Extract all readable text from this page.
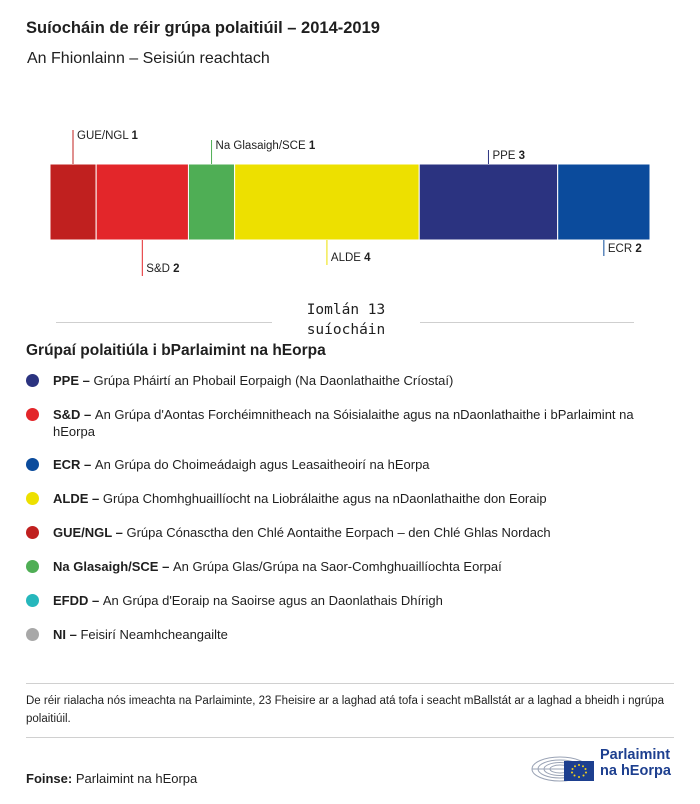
Suíocháin de réir grúpa polaitiúil – 2014-2019
An Fhionlainn – Seisiún reachtach
GUE/NGL 1
S&D 2
Na Glasaigh/SCE 1
ALDE 4
PPE 3
ECR 2
Iomlán 13
suíocháin
Grúpaí polaitiúla i bParlaimint na hEorpa
PPE – Grúpa Pháirtí an Phobail Eorpaigh (Na Daonlathaithe Críostaí)
S&D – An Grúpa d'Aontas Forchéimnitheach na Sóisialaithe agus na nDaonlathaithe i bParlaimint na hEorpa
ECR – An Grúpa do Choimeádaigh agus Leasaitheoirí na hEorpa
ALDE – Grúpa Chomhghuaillíocht na Liobrálaithe agus na nDaonlathaithe don Eoraip
GUE/NGL – Grúpa Cónasctha den Chlé Aontaithe Eorpach – den Chlé Ghlas Nordach
Na Glasaigh/SCE – An Grúpa Glas/Grúpa na Saor-Comhghuaillíochta Eorpaí
EFDD – An Grúpa d'Eoraip na Saoirse agus an Daonlathais Dhírigh
NI – Feisirí Neamhcheangailte
De réir rialacha nós imeachta na Parlaiminte, 23 Fheisire ar a laghad atá tofa i seacht mBallstát ar a laghad a bheidh i ngrúpa polaitiúil.
Foinse: Parlaimint na hEorpa
Parlaimint
na hEorpa
